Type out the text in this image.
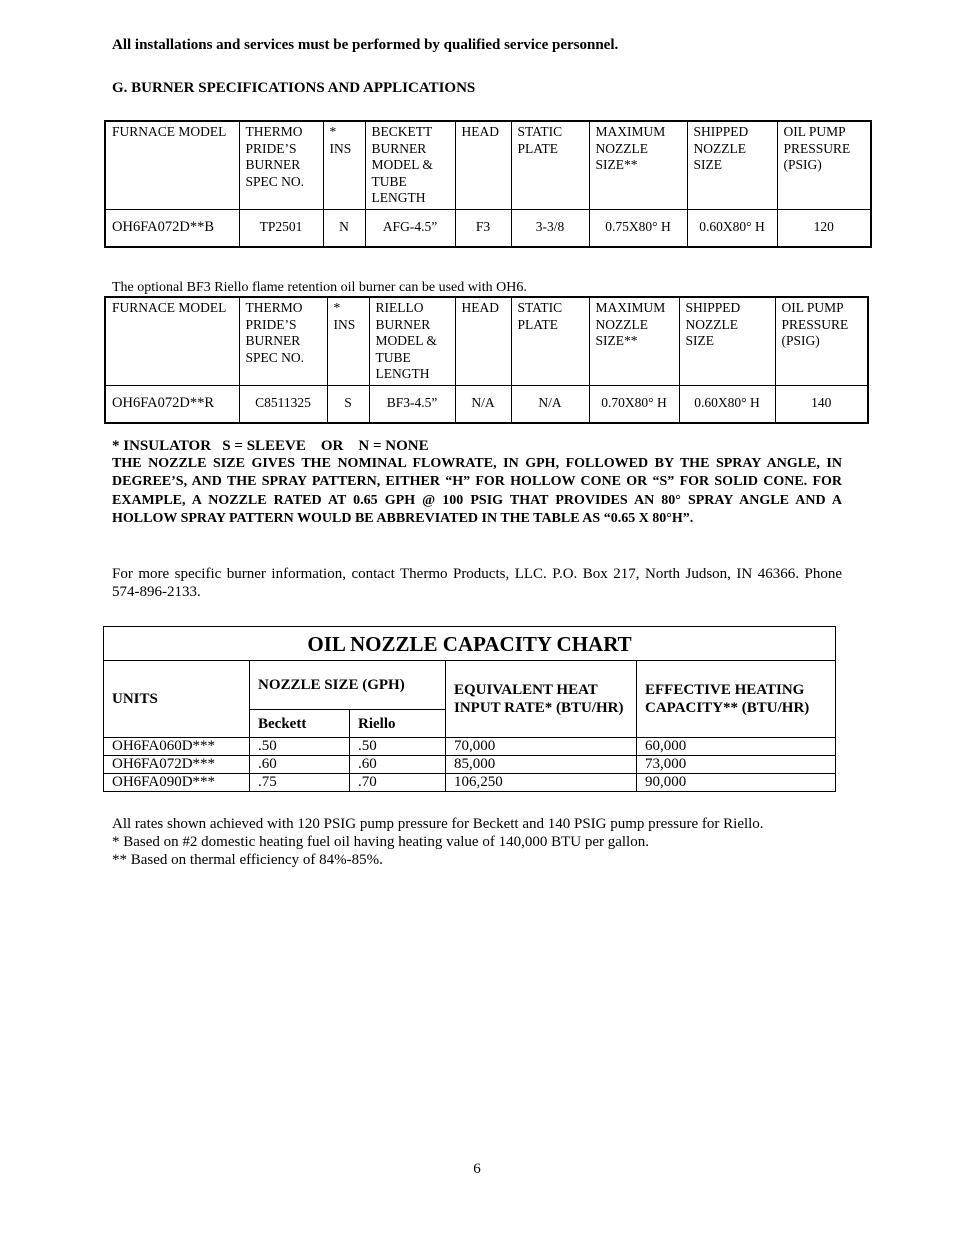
All installations and services must be performed by qualified service personnel.

G. BURNER SPECIFICATIONS AND APPLICATIONS

FURNACE MODEL	THERMO PRIDE’S BURNER SPEC NO.	* INS	BECKETT BURNER MODEL & TUBE LENGTH	HEAD	STATIC PLATE	MAXIMUM NOZZLE SIZE**	SHIPPED NOZZLE SIZE	OIL PUMP PRESSURE (PSIG)
OH6FA072D**B	TP2501	N	AFG-4.5”	F3	3-3/8	0.75X80° H	0.60X80° H	120

The optional BF3 Riello flame retention oil burner can be used with OH6.

FURNACE MODEL	THERMO PRIDE’S BURNER SPEC NO.	* INS	RIELLO BURNER MODEL & TUBE LENGTH	HEAD	STATIC PLATE	MAXIMUM NOZZLE SIZE**	SHIPPED NOZZLE SIZE	OIL PUMP PRESSURE (PSIG)
OH6FA072D**R	C8511325	S	BF3-4.5”	N/A	N/A	0.70X80° H	0.60X80° H	140

* INSULATOR   S = SLEEVE    OR    N = NONE

THE NOZZLE SIZE GIVES THE NOMINAL FLOWRATE, IN GPH, FOLLOWED BY THE SPRAY ANGLE, IN DEGREE’S, AND THE SPRAY PATTERN, EITHER “H” FOR HOLLOW CONE OR “S” FOR SOLID CONE. FOR EXAMPLE, A NOZZLE RATED AT 0.65 GPH @ 100 PSIG THAT PROVIDES AN 80° SPRAY ANGLE AND A HOLLOW SPRAY PATTERN WOULD BE ABBREVIATED IN THE TABLE AS “0.65 X 80°H”.

For more specific burner information, contact Thermo Products, LLC. P.O. Box 217, North Judson, IN 46366. Phone 574-896-2133.

OIL NOZZLE CAPACITY CHART				
UNITS	NOZZLE SIZE (GPH)		EQUIVALENT HEAT INPUT RATE* (BTU/HR)	EFFECTIVE HEATING CAPACITY** (BTU/HR)
	Beckett	Riello		
OH6FA060D***	.50	.50	70,000	60,000
OH6FA072D***	.60	.60	85,000	73,000
OH6FA090D***	.75	.70	106,250	90,000

All rates shown achieved with 120 PSIG pump pressure for Beckett and 140 PSIG pump pressure for Riello.

* Based on #2 domestic heating fuel oil having heating value of 140,000 BTU per gallon.

** Based on thermal efficiency of 84%-85%.

6
